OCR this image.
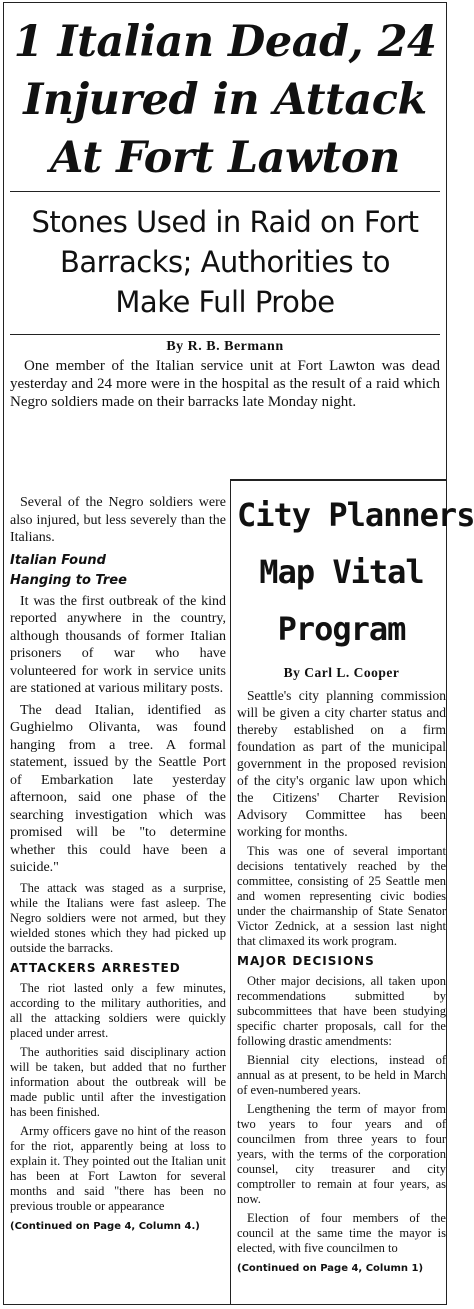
1 Italian Dead, 24
Injured in Attack
At Fort Lawton
Stones Used in Raid on Fort
Barracks; Authorities to
Make Full Probe
By R. B. Bermann

One member of the Italian service unit at Fort Lawton was dead yesterday and 24 more were in the hospital as the result of a raid which Negro soldiers made on their barracks late Monday night.

Several of the Negro soldiers were also injured, but less severely than the Italians.

Italian Found
Hanging to Tree

It was the first outbreak of the kind reported anywhere in the country, although thousands of former Italian prisoners of war who have volunteered for work in service units are stationed at various military posts.

The dead Italian, identified as Gughielmo Olivanta, was found hanging from a tree. A formal statement, issued by the Seattle Port of Embarkation late yesterday afternoon, said one phase of the searching investigation which was promised will be "to determine whether this could have been a suicide."

The attack was staged as a surprise, while the Italians were fast asleep. The Negro soldiers were not armed, but they wielded stones which they had picked up outside the barracks.

ATTACKERS ARRESTED

The riot lasted only a few minutes, according to the military authorities, and all the attacking soldiers were quickly placed under arrest.

The authorities said disciplinary action will be taken, but added that no further information about the outbreak will be made public until after the investigation has been finished.

Army officers gave no hint of the reason for the riot, apparently being at loss to explain it. They pointed out the Italian unit has been at Fort Lawton for several months and said "there has been no previous trouble or appearance

(Continued on Page 4, Column 4.)
City Planners
Map Vital
Program
By Carl L. Cooper

Seattle's city planning commission will be given a city charter status and thereby established on a firm foundation as part of the municipal government in the proposed revision of the city's organic law upon which the Citizens' Charter Revision Advisory Committee has been working for months.

This was one of several important decisions tentatively reached by the committee, consisting of 25 Seattle men and women representing civic bodies under the chairmanship of State Senator Victor Zednick, at a session last night that climaxed its work program.

MAJOR DECISIONS

Other major decisions, all taken upon recommendations submitted by subcommittees that have been studying specific charter proposals, call for the following drastic amendments:

Biennial city elections, instead of annual as at present, to be held in March of even-numbered years.

Lengthening the term of mayor from two years to four years and of councilmen from three years to four years, with the terms of the corporation counsel, city treasurer and city comptroller to remain at four years, as now.

Election of four members of the council at the same time the mayor is elected, with five councilmen to

(Continued on Page 4, Column 1)
